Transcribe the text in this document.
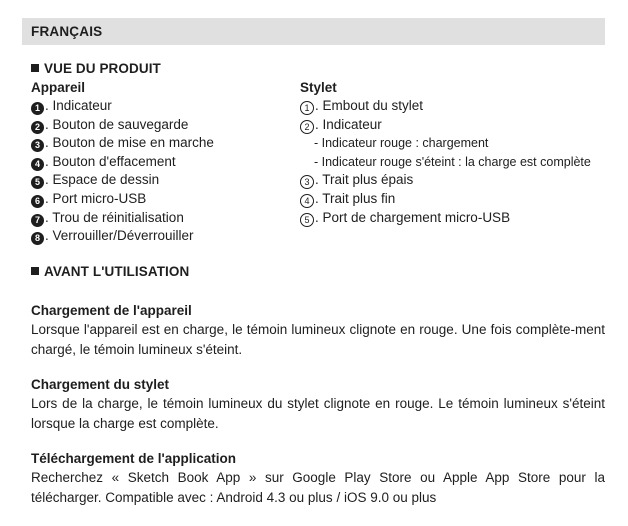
FRANÇAIS
VUE DU PRODUIT
Appareil
1 . Indicateur
2 . Bouton de sauvegarde
3 . Bouton de mise en marche
4 . Bouton d'effacement
5 . Espace de dessin
6 . Port micro-USB
7 . Trou de réinitialisation
8 . Verrouiller/Déverrouiller
Stylet
1 . Embout du stylet
2 . Indicateur
- Indicateur rouge : chargement
- Indicateur rouge s'éteint : la charge est complète
3 . Trait plus épais
4 . Trait plus fin
5 . Port de chargement micro-USB
AVANT L'UTILISATION
Chargement de l'appareil

Lorsque l'appareil est en charge, le témoin lumineux clignote en rouge. Une fois complète-ment chargé, le témoin lumineux s'éteint.

Chargement du stylet

Lors de la charge, le témoin lumineux du stylet clignote en rouge. Le témoin lumineux s'éteint lorsque la charge est complète.

Téléchargement de l'application

Recherchez « Sketch Book App » sur Google Play Store ou Apple App Store pour la télécharger. Compatible avec : Android 4.3 ou plus / iOS 9.0 ou plus
